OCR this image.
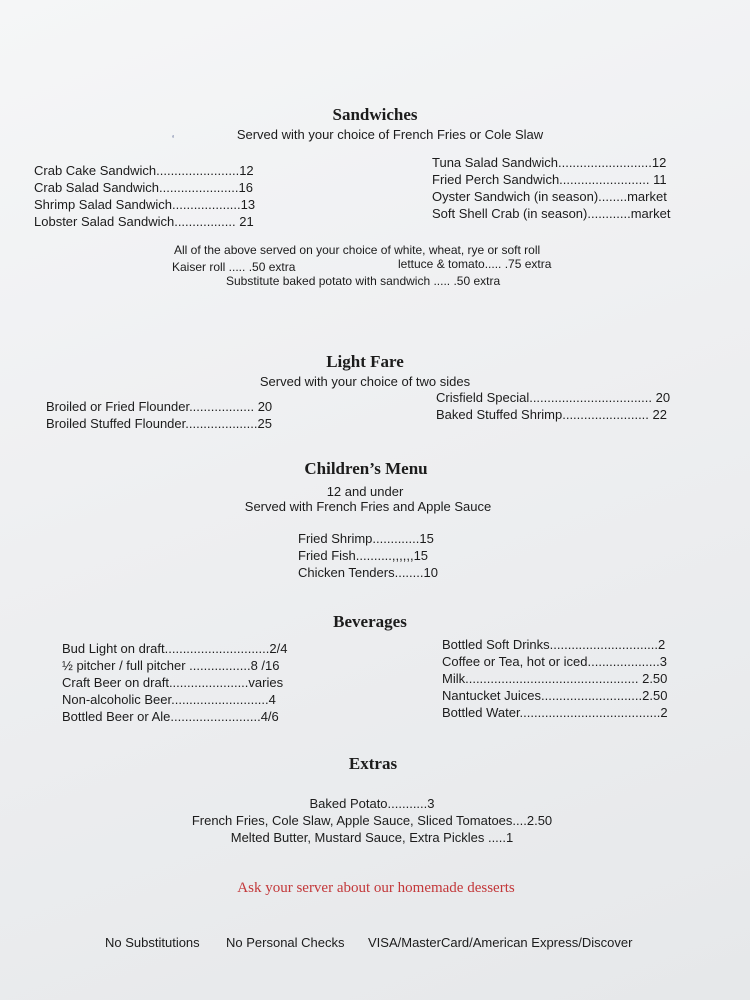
Sandwiches
Served with your choice of French Fries or Cole Slaw
‘
Crab Cake Sandwich.......................12
Crab Salad Sandwich......................16
Shrimp Salad Sandwich...................13
Lobster Salad Sandwich................. 21
Tuna Salad Sandwich..........................12
Fried Perch Sandwich......................... 11
Oyster Sandwich (in season)........market
Soft Shell Crab (in season)............market
All of the above served on your choice of white, wheat, rye or soft roll
Kaiser roll ..... .50 extra	lettuce & tomato..... .75 extra
Substitute baked potato with sandwich ..... .50 extra
Light Fare
Served with your choice of two sides
Broiled or Fried Flounder.................. 20
Broiled Stuffed Flounder....................25
Crisfield Special.................................. 20
Baked Stuffed Shrimp........................ 22
Children’s Menu
12 and under
Served with French Fries and Apple Sauce
Fried Shrimp.............15
Fried Fish..........,,,,,,15
Chicken Tenders........10
Beverages
Bud Light on draft.............................2/4
½ pitcher / full pitcher .................8 /16
Craft Beer on draft......................varies
Non-alcoholic Beer...........................4
Bottled Beer or Ale.........................4/6
Bottled Soft Drinks..............................2
Coffee or Tea, hot or iced....................3
Milk................................................ 2.50
Nantucket Juices............................2.50
Bottled Water.......................................2
Extras
Baked Potato...........3
French Fries, Cole Slaw, Apple Sauce, Sliced Tomatoes....2.50
Melted Butter, Mustard Sauce, Extra Pickles .....1
Ask your server about our homemade desserts
No Substitutions No Personal Checks VISA/MasterCard/American Express/Discover
